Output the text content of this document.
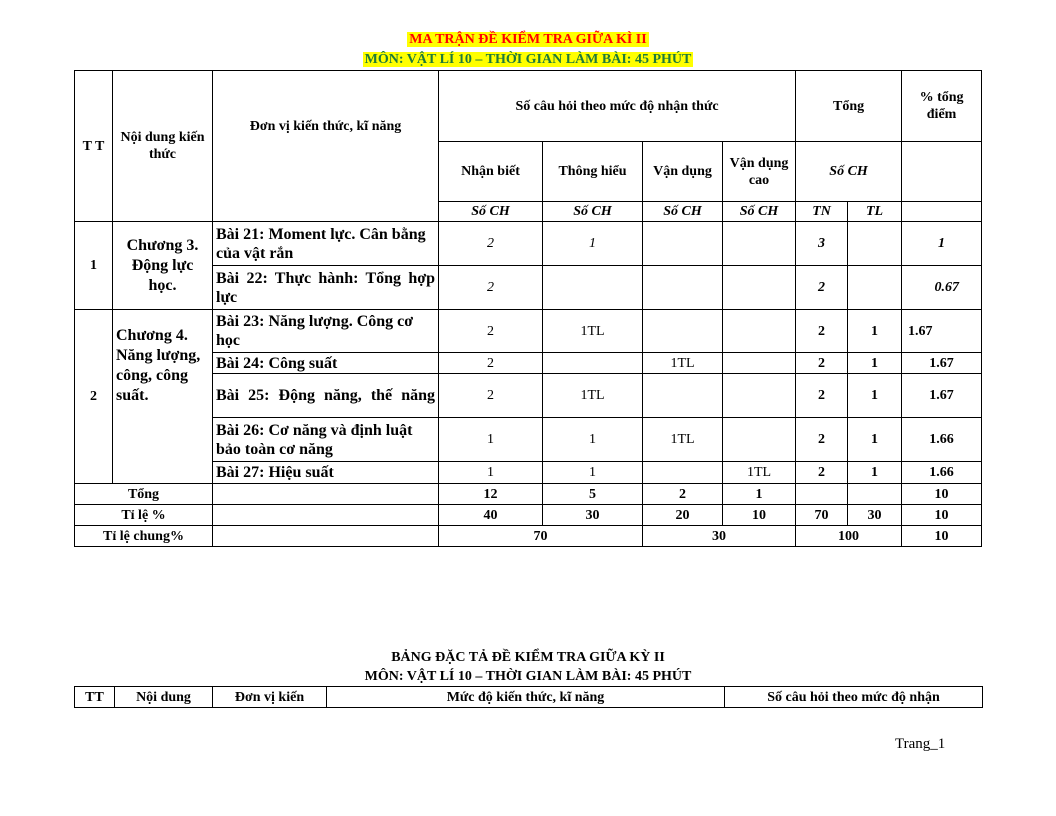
MA TRẬN ĐỀ KIỂM TRA GIỮA KÌ II
MÔN: VẬT LÍ 10 – THỜI GIAN LÀM BÀI: 45 PHÚT
T T	Nội dung kiến thức	Đơn vị kiến thức, kĩ năng	Số câu hỏi theo mức độ nhận thức				Tổng		% tổng điểm
			Nhận biết	Thông hiểu	Vận dụng	Vận dụng cao	Số CH		
			Số CH	Số CH	Số CH	Số CH	TN	TL	
1	Chương 3. Động lực học.	Bài 21: Moment lực. Cân bằng của vật rắn	2	1			3		1
		Bài 22: Thực hành: Tổng hợp lực	2				2		0.67
2	Chương 4. Năng lượng, công, công suất.	Bài 23: Năng lượng. Công cơ học	2	1TL			2	1	1.67
		Bài 24: Công suất	2		1TL		2	1	1.67
		Bài 25: Động năng, thế năng	2	1TL			2	1	1.67
		Bài 26: Cơ năng và định luật bảo toàn cơ năng	1	1	1TL		2	1	1.66
		Bài 27: Hiệu suất	1	1		1TL	2	1	1.66
Tổng			12	5	2	1			10
Tỉ lệ %			40	30	20	10	70	30	10
Tỉ lệ chung%			70		30		100		10
BẢNG ĐẶC TẢ ĐỀ KIỂM TRA GIỮA KỲ II
MÔN: VẬT LÍ 10 – THỜI GIAN LÀM BÀI: 45 PHÚT
TT	Nội dung	Đơn vị kiến	Mức độ kiến thức, kĩ năng	Số câu hỏi theo mức độ nhận
Trang_1
